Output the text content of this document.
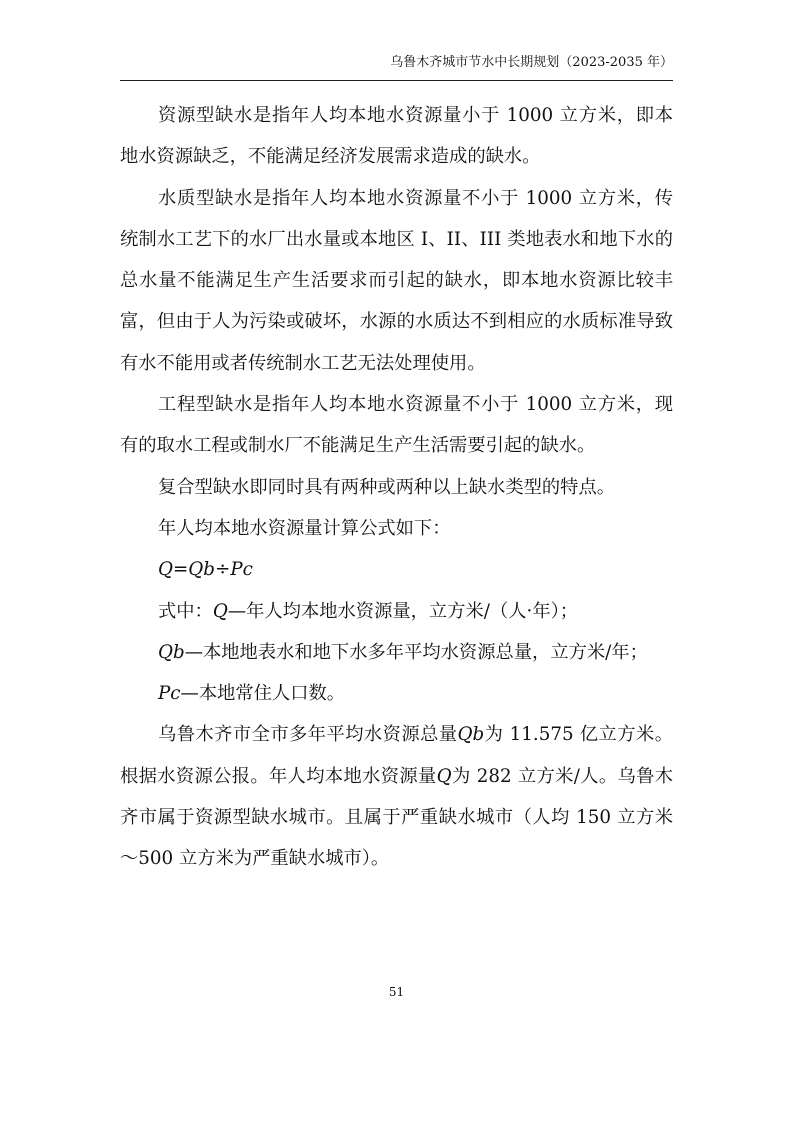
乌鲁木齐城市节水中长期规划（2023-2035 年）

资源型缺水是指年人均本地水资源量小于 1000 立方米，即本地水资源缺乏，不能满足经济发展需求造成的缺水。

水质型缺水是指年人均本地水资源量不小于 1000 立方米，传统制水工艺下的水厂出水量或本地区 I、II、III 类地表水和地下水的总水量不能满足生产生活要求而引起的缺水，即本地水资源比较丰富，但由于人为污染或破坏，水源的水质达不到相应的水质标准导致有水不能用或者传统制水工艺无法处理使用。

工程型缺水是指年人均本地水资源量不小于 1000 立方米，现有的取水工程或制水厂不能满足生产生活需要引起的缺水。

复合型缺水即同时具有两种或两种以上缺水类型的特点。

年人均本地水资源量计算公式如下：

Q=Qb÷Pc

式中：Q—年人均本地水资源量，立方米/（人·年）；

Qb—本地地表水和地下水多年平均水资源总量，立方米/年；

Pc—本地常住人口数。

乌鲁木齐市全市多年平均水资源总量Qb为 11.575 亿立方米。根据水资源公报。年人均本地水资源量Q为 282 立方米/人。乌鲁木齐市属于资源型缺水城市。且属于严重缺水城市（人均 150 立方米～500 立方米为严重缺水城市）。

51
